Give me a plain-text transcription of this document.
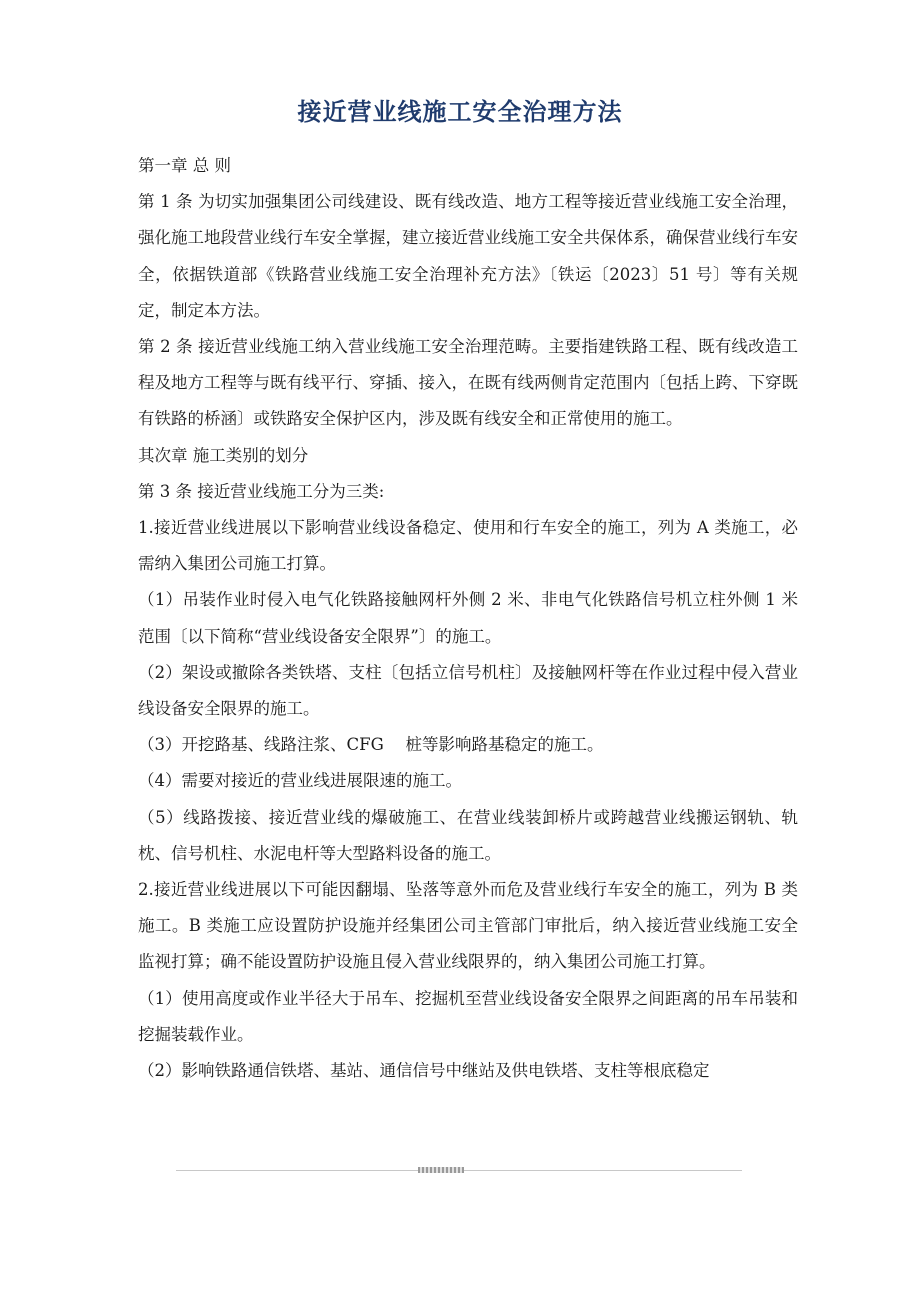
接近营业线施工安全治理方法

第一章 总 则

第 1 条 为切实加强集团公司线建设、既有线改造、地方工程等接近营业线施工安全治理，强化施工地段营业线行车安全掌握，建立接近营业线施工安全共保体系，确保营业线行车安全，依据铁道部《铁路营业线施工安全治理补充方法》〔铁运〔2023〕51 号〕等有关规定，制定本方法。

第 2 条 接近营业线施工纳入营业线施工安全治理范畴。主要指建铁路工程、既有线改造工程及地方工程等与既有线平行、穿插、接入，在既有线两侧肯定范围内〔包括上跨、下穿既有铁路的桥涵〕或铁路安全保护区内，涉及既有线安全和正常使用的施工。

其次章 施工类别的划分

第 3 条 接近营业线施工分为三类:

1.接近营业线进展以下影响营业线设备稳定、使用和行车安全的施工，列为 A 类施工，必需纳入集团公司施工打算。

（1）吊装作业时侵入电气化铁路接触网杆外侧 2 米、非电气化铁路信号机立柱外侧 1 米范围〔以下简称“营业线设备安全限界”〕的施工。

（2）架设或撤除各类铁塔、支柱〔包括立信号机柱〕及接触网杆等在作业过程中侵入营业线设备安全限界的施工。

（3）开挖路基、线路注浆、CFG　 桩等影响路基稳定的施工。

（4）需要对接近的营业线进展限速的施工。

（5）线路拨接、接近营业线的爆破施工、在营业线装卸桥片或跨越营业线搬运钢轨、轨枕、信号机柱、水泥电杆等大型路料设备的施工。

2.接近营业线进展以下可能因翻塌、坠落等意外而危及营业线行车安全的施工，列为 B 类施工。B 类施工应设置防护设施并经集团公司主管部门审批后，纳入接近营业线施工安全监视打算；确不能设置防护设施且侵入营业线限界的，纳入集团公司施工打算。

（1）使用高度或作业半径大于吊车、挖掘机至营业线设备安全限界之间距离的吊车吊装和挖掘装载作业。

（2）影响铁路通信铁塔、基站、通信信号中继站及供电铁塔、支柱等根底稳定
